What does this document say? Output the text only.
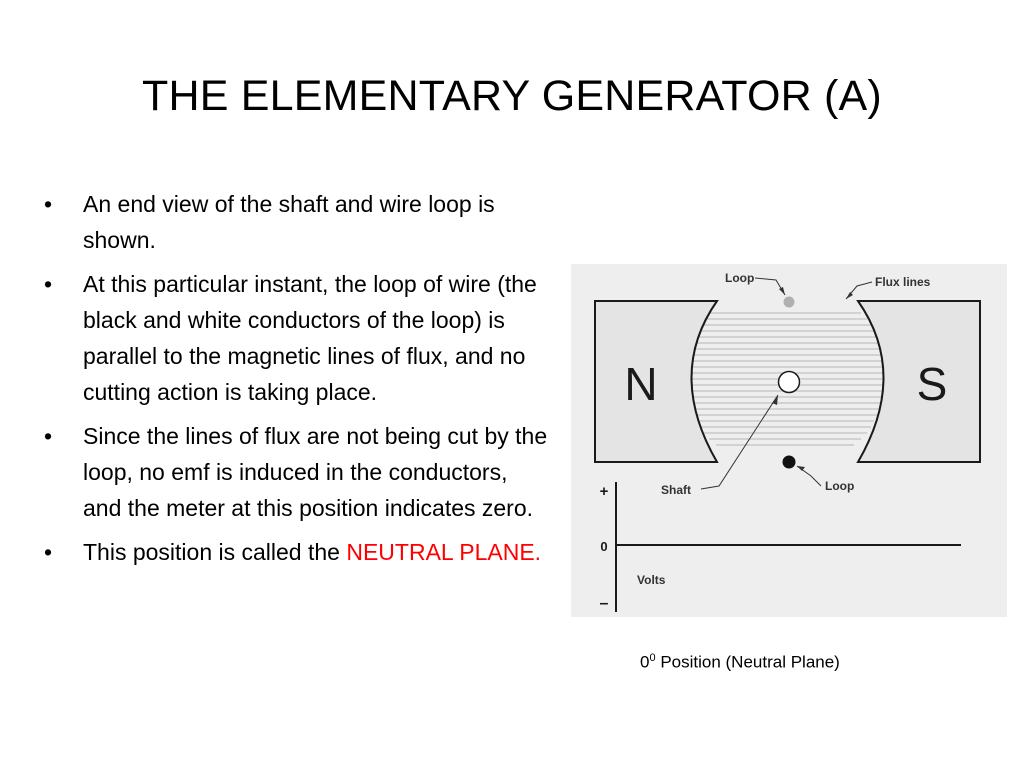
THE ELEMENTARY GENERATOR (A)
• An end view of the shaft and wire loop is shown.
• At this particular instant, the loop of wire (the black and white conductors of the loop) is parallel to the magnetic lines of flux, and no cutting action is taking place.
• Since the lines of flux are not being cut by the loop, no emf is induced in the conductors, and the meter at this position indicates zero.
• This position is called the NEUTRAL PLANE.
N	S
Loop	Flux lines
Shaft	Loop
+
0
Volts
–
$0^0$ Position (Neutral Plane)
